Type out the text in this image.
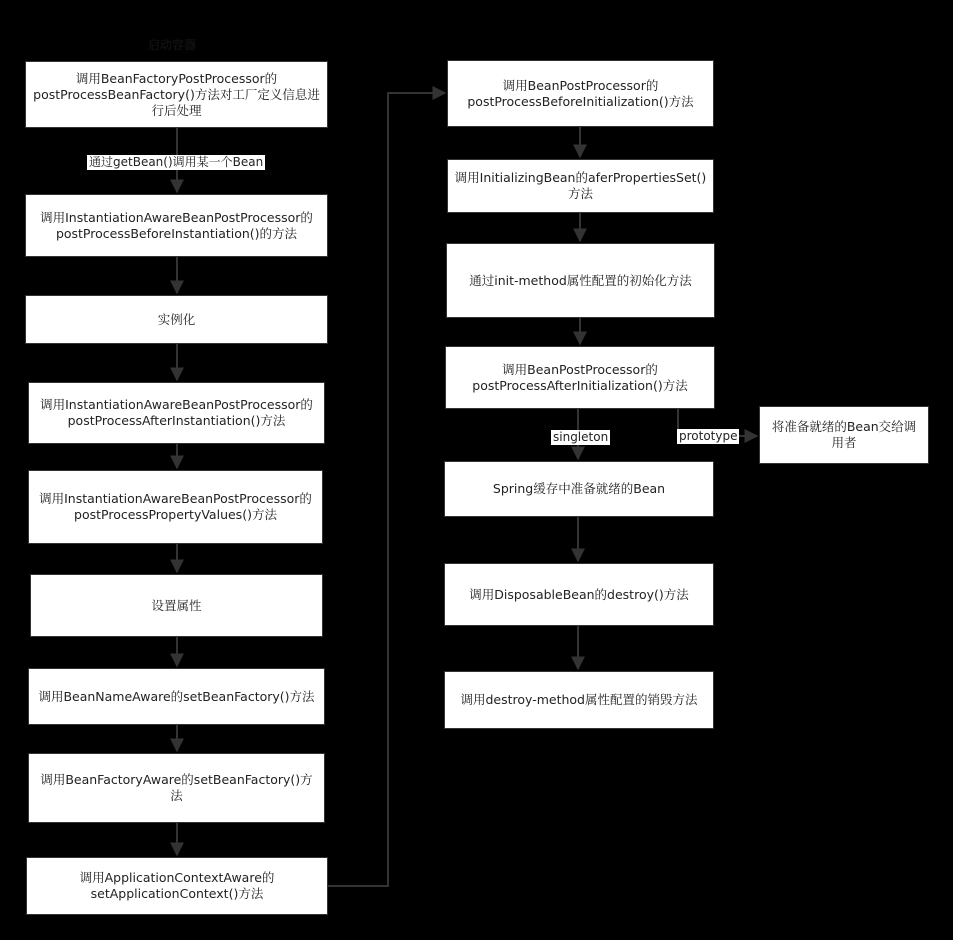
启动容器
调用BeanFactoryPostProcessor的postProcessBeanFactory()方法对工厂定义信息进行后处理
调用InstantiationAwareBeanPostProcessor的postProcessBeforeInstantiation()的方法
实例化
调用InstantiationAwareBeanPostProcessor的postProcessAfterInstantiation()方法
调用InstantiationAwareBeanPostProcessor的postProcessPropertyValues()方法
设置属性
调用BeanNameAware的setBeanFactory()方法
调用BeanFactoryAware的setBeanFactory()方法
调用ApplicationContextAware的setApplicationContext()方法
调用BeanPostProcessor的postProcessBeforeInitialization()方法
调用InitializingBean的aferPropertiesSet()方法
通过init-method属性配置的初始化方法
调用BeanPostProcessor的postProcessAfterInitialization()方法
Spring缓存中准备就绪的Bean
调用DisposableBean的destroy()方法
调用destroy-method属性配置的销毁方法
将准备就绪的Bean交给调用者
通过getBean()调用某一个Bean
singleton	prototype
